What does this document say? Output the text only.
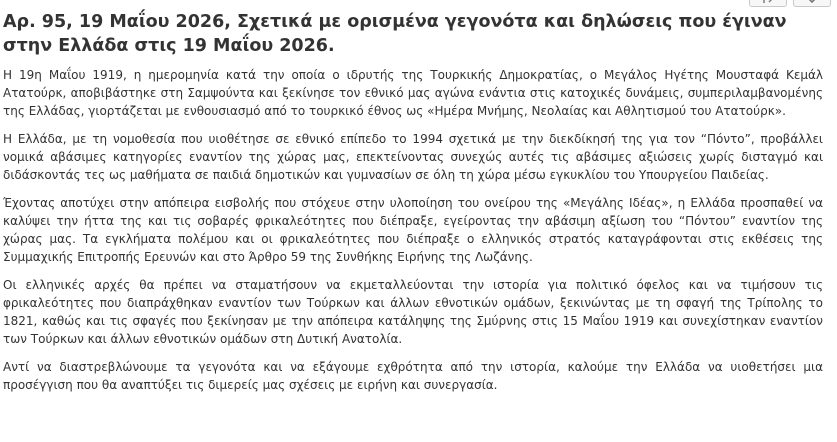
Αρ. 95, 19 Μαΐου 2026, Σχετικά με ορισμένα γεγονότα και δηλώσεις που έγιναν στην Ελλάδα στις 19 Μαΐου 2026.

Η 19η Μαΐου 1919, η ημερομηνία κατά την οποία ο ιδρυτής της Τουρκικής Δημοκρατίας, ο Μεγάλος Ηγέτης Μουσταφά Κεμάλ Ατατούρκ, αποβιβάστηκε στη Σαμψούντα και ξεκίνησε τον εθνικό μας αγώνα ενάντια στις κατοχικές δυνάμεις, συμπεριλαμβανομένης της Ελλάδας, γιορτάζεται με ενθουσιασμό από το τουρκικό έθνος ως «Ημέρα Μνήμης, Νεολαίας και Αθλητισμού του Ατατούρκ».

Η Ελλάδα, με τη νομοθεσία που υιοθέτησε σε εθνικό επίπεδο το 1994 σχετικά με την διεκδίκησή της για τον “Πόντο”, προβάλλει νομικά αβάσιμες κατηγορίες εναντίον της χώρας μας, επεκτείνοντας συνεχώς αυτές τις αβάσιμες αξιώσεις χωρίς δισταγμό και διδάσκοντάς τες ως μαθήματα σε παιδιά δημοτικών και γυμνασίων σε όλη τη χώρα μέσω εγκυκλίου του Υπουργείου Παιδείας.

Έχοντας αποτύχει στην απόπειρα εισβολής που στόχευε στην υλοποίηση του ονείρου της «Μεγάλης Ιδέας», η Ελλάδα προσπαθεί να καλύψει την ήττα της και τις σοβαρές φρικαλεότητες που διέπραξε, εγείροντας την αβάσιμη αξίωση του “Πόντου” εναντίον της χώρας μας. Τα εγκλήματα πολέμου και οι φρικαλεότητες που διέπραξε ο ελληνικός στρατός καταγράφονται στις εκθέσεις της Συμμαχικής Επιτροπής Ερευνών και στο Άρθρο 59 της Συνθήκης Ειρήνης της Λωζάνης.

Οι ελληνικές αρχές θα πρέπει να σταματήσουν να εκμεταλλεύονται την ιστορία για πολιτικό όφελος και να τιμήσουν τις φρικαλεότητες που διαπράχθηκαν εναντίον των Τούρκων και άλλων εθνοτικών ομάδων, ξεκινώντας με τη σφαγή της Τρίπολης το 1821, καθώς και τις σφαγές που ξεκίνησαν με την απόπειρα κατάληψης της Σμύρνης στις 15 Μαΐου 1919 και συνεχίστηκαν εναντίον των Τούρκων και άλλων εθνοτικών ομάδων στη Δυτική Ανατολία.

Αντί να διαστρεβλώνουμε τα γεγονότα και να εξάγουμε εχθρότητα από την ιστορία, καλούμε την Ελλάδα να υιοθετήσει μια προσέγγιση που θα αναπτύξει τις διμερείς μας σχέσεις με ειρήνη και συνεργασία.
